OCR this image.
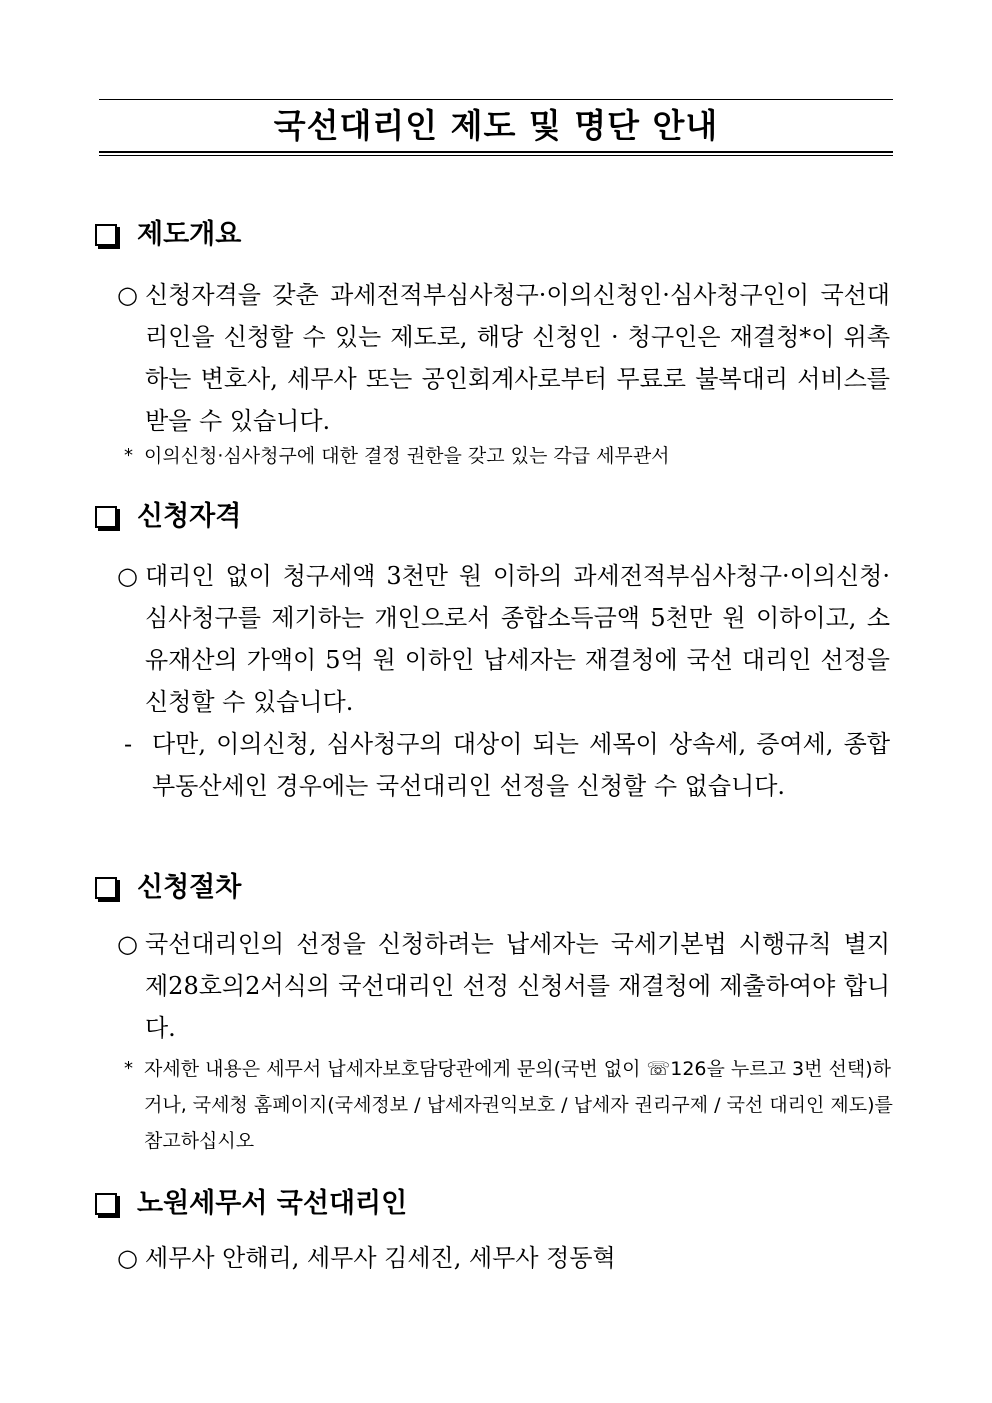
국선대리인 제도 및 명단 안내
제도개요
○ 신청자격을 갖춘 과세전적부심사청구·이의신청인·심사청구인이 국선대리인을 신청할 수 있는 제도로, 해당 신청인 · 청구인은 재결청*이 위촉하는 변호사, 세무사 또는 공인회계사로부터 무료로 불복대리 서비스를 받을 수 있습니다.
* 이의신청·심사청구에 대한 결정 권한을 갖고 있는 각급 세무관서
신청자격
○ 대리인 없이 청구세액 3천만 원 이하의 과세전적부심사청구·이의신청·심사청구를 제기하는 개인으로서 종합소득금액 5천만 원 이하이고, 소유재산의 가액이 5억 원 이하인 납세자는 재결청에 국선 대리인 선정을 신청할 수 있습니다.
- 다만, 이의신청, 심사청구의 대상이 되는 세목이 상속세, 증여세, 종합부동산세인 경우에는 국선대리인 선정을 신청할 수 없습니다.
신청절차
○ 국선대리인의 선정을 신청하려는 납세자는 국세기본법 시행규칙 별지 제28호의2서식의 국선대리인 선정 신청서를 재결청에 제출하여야 합니다.
* 자세한 내용은 세무서 납세자보호담당관에게 문의(국번 없이 ☏126을 누르고 3번 선택)하거나, 국세청 홈페이지(국세정보 / 납세자권익보호 / 납세자 권리구제 / 국선 대리인 제도)를 참고하십시오
노원세무서 국선대리인
○ 세무사 안해리, 세무사 김세진, 세무사 정동혁
